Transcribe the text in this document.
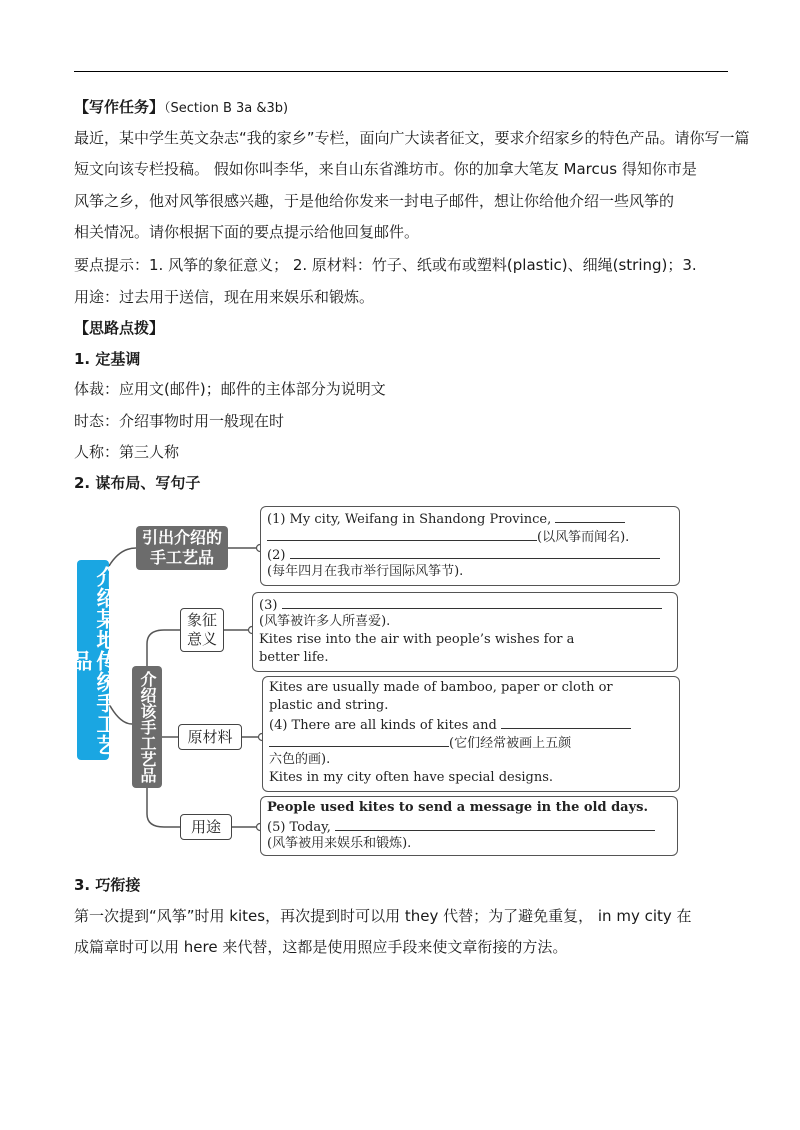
【写作任务】（Section B 3a &3b)
最近，某中学生英文杂志“我的家乡”专栏，面向广大读者征文，要求介绍家乡的特色产品。请你写一篇
短文向该专栏投稿。 假如你叫李华，来自山东省潍坊市。你的加拿大笔友 Marcus 得知你市是
风筝之乡，他对风筝很感兴趣，于是他给你发来一封电子邮件，想让你给他介绍一些风筝的
相关情况。请你根据下面的要点提示给他回复邮件。
要点提示：1. 风筝的象征意义； 2. 原材料：竹子、纸或布或塑料(plastic)、细绳(string)；3.
用途：过去用于送信，现在用来娱乐和锻炼。
【思路点拨】
1. 定基调
体裁：应用文(邮件)；邮件的主体部分为说明文
时态：介绍事物时用一般现在时
人称：第三人称
2. 谋布局、写句子
介绍某地传统手工艺品
引出介绍的手工艺品
介绍该手工艺品
象征意义
原材料
用途
(1) My city, Weifang in Shandong Province,
(以风筝而闻名).
(2)
(每年四月在我市举行国际风筝节).
(3)
(风筝被许多人所喜爱).
Kites rise into the air with people’s wishes for a
better life.
Kites are usually made of bamboo, paper or cloth or
plastic and string.
(4) There are all kinds of kites and
(它们经常被画上五颜
六色的画).
Kites in my city often have special designs.
People used kites to send a message in the old days.
(5) Today,
(风筝被用来娱乐和锻炼).
3. 巧衔接
第一次提到“风筝”时用 kites，再次提到时可以用 they 代替；为了避免重复， in my city 在
成篇章时可以用 here 来代替，这都是使用照应手段来使文章衔接的方法。
